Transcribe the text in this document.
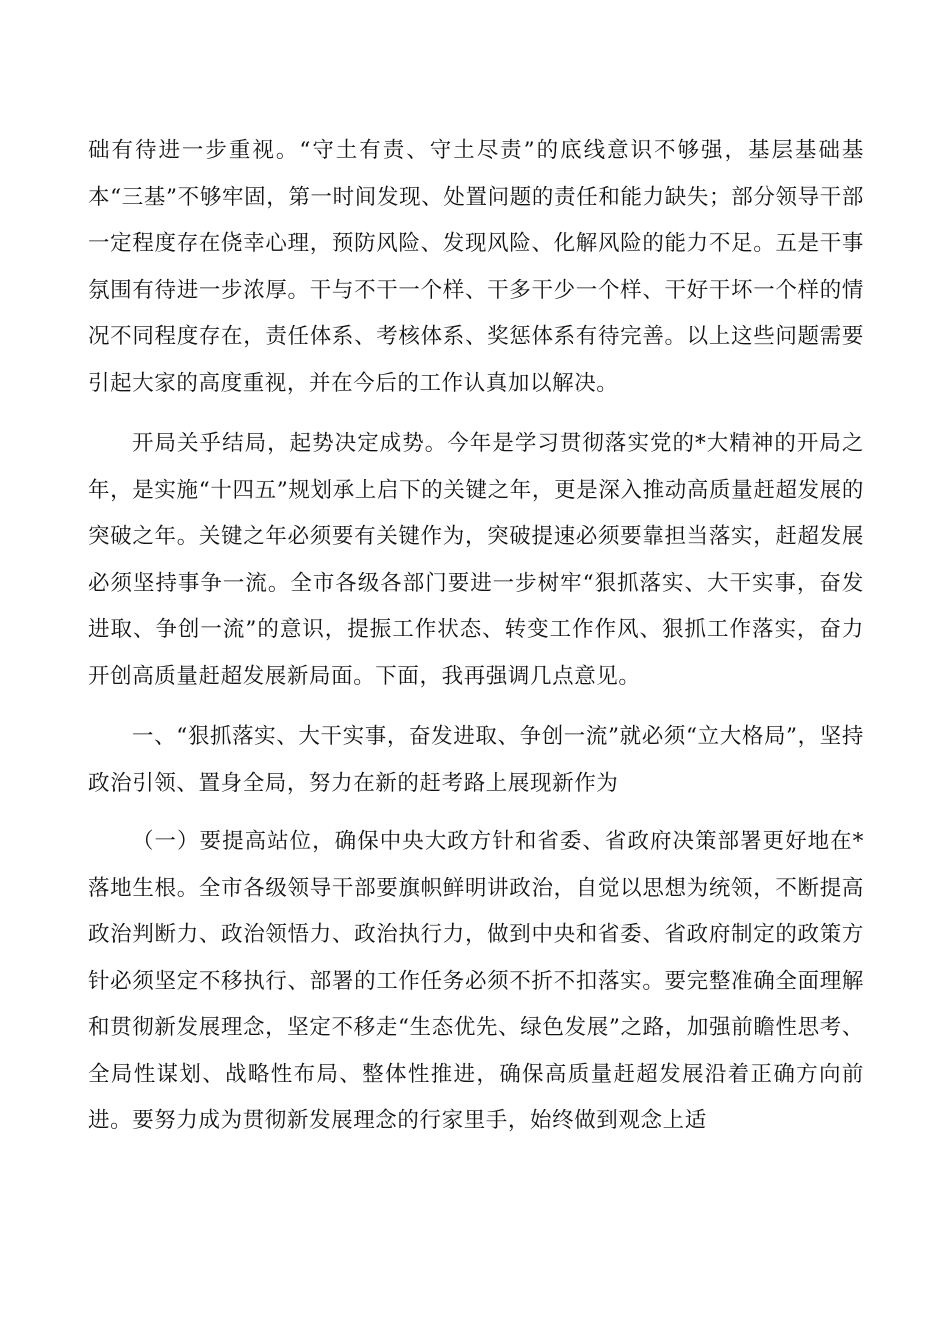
础有待进一步重视。“守土有责、守土尽责”的底线意识不够强，基层基础基本“三基”不够牢固，第一时间发现、处置问题的责任和能力缺失；部分领导干部一定程度存在侥幸心理，预防风险、发现风险、化解风险的能力不足。五是干事氛围有待进一步浓厚。干与不干一个样、干多干少一个样、干好干坏一个样的情况不同程度存在，责任体系、考核体系、奖惩体系有待完善。以上这些问题需要引起大家的高度重视，并在今后的工作认真加以解决。

开局关乎结局，起势决定成势。今年是学习贯彻落实党的*大精神的开局之年，是实施“十四五”规划承上启下的关键之年，更是深入推动高质量赶超发展的突破之年。关键之年必须要有关键作为，突破提速必须要靠担当落实，赶超发展必须坚持事争一流。全市各级各部门要进一步树牢“狠抓落实、大干实事，奋发进取、争创一流”的意识，提振工作状态、转变工作作风、狠抓工作落实，奋力开创高质量赶超发展新局面。下面，我再强调几点意见。

一、“狠抓落实、大干实事，奋发进取、争创一流”就必须“立大格局”，坚持政治引领、置身全局，努力在新的赶考路上展现新作为

（一）要提高站位，确保中央大政方针和省委、省政府决策部署更好地在*落地生根。全市各级领导干部要旗帜鲜明讲政治，自觉以思想为统领，不断提高政治判断力、政治领悟力、政治执行力，做到中央和省委、省政府制定的政策方针必须坚定不移执行、部署的工作任务必须不折不扣落实。要完整准确全面理解和贯彻新发展理念，坚定不移走“生态优先、绿色发展”之路，加强前瞻性思考、全局性谋划、战略性布局、整体性推进，确保高质量赶超发展沿着正确方向前进。要努力成为贯彻新发展理念的行家里手，始终做到观念上适
